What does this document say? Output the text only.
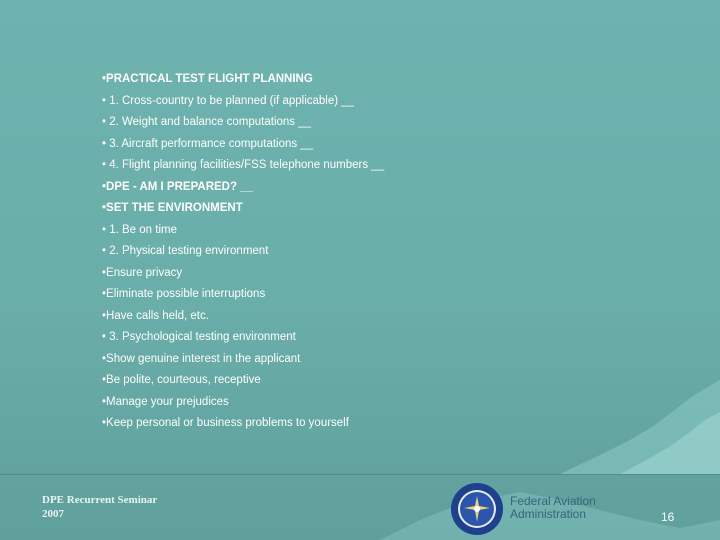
•PRACTICAL TEST FLIGHT PLANNING
• 1. Cross-country to be planned (if applicable) __
• 2. Weight and balance computations __
• 3. Aircraft performance computations __
• 4. Flight planning facilities/FSS telephone numbers __
•DPE - AM I PREPARED? __
•SET THE ENVIRONMENT
• 1. Be on time
• 2. Physical testing environment
•Ensure privacy
•Eliminate possible interruptions
•Have calls held, etc.
• 3. Psychological testing environment
•Show genuine interest in the applicant
•Be polite, courteous, receptive
•Manage your prejudices
•Keep personal or business problems to yourself
DPE Recurrent Seminar
2007
Federal Aviation
Administration	16
